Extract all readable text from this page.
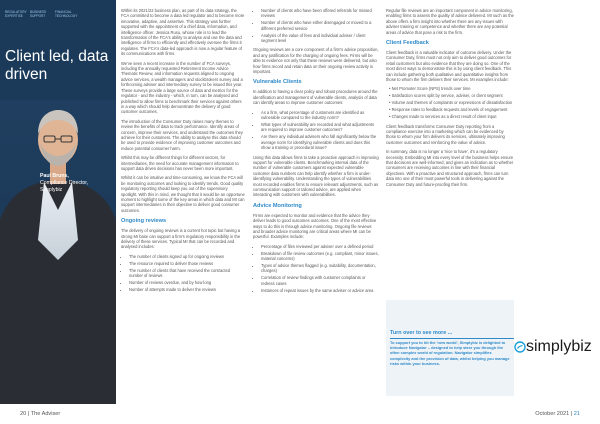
REGULATORY EXPERTISE
BUSINESS SUPPORT
FINANCIAL TECHNOLOGY
Client led, data driven
Paul Bruns,
Compliance Director,
Simplybiz

Within its 2021/22 business plan, as part of its data strategy, the FCA committed to become a data led regulator and to become more innovative, adaptive, and assertive. This strategy was further supported with the appointment of a chief data, information, and intelligence officer. Jessica Rusu, whose role is to lead the transformation of the FCA's ability to analyse and use the data and intelligence of firms to efficiently and effectively oversee the firms it regulates. The FCA's data-led approach is now a regular feature of its communications with firms.

We've seen a recent increase in the number of FCA surveys, including the annually requested Retirement Income Advice Thematic Review, and information requests aligned to ongoing advice services, a wealth managers and stockbrokers survey and a forthcoming adviser and intermediary survey to be issued this year. These surveys provide a large source of data and metrics for the regulator - and the industry - which, in turn, can be analysed and published to allow firms to benchmark their services against others in a way which should help demonstrate the delivery of good customer outcomes.

The introduction of the Consumer Duty raises many themes to review the benefits of data to track performance. Identify areas of concern, improve their services, and understand the outcomes they achieve for their customers. The ability to analyse this data should be used to provide evidence of improving customer outcomes and reduce potential consumer harm.

Whilst this may be different things for different sectors, for intermediaries, the need for accurate management information to support data driven decisions has never been more important.

Whilst it can be intuitive and time-consuming, we know the FCA will be monitoring outcomes and looking to identify trends. Good quality regulatory reporting should keep you out of the supervisory spotlight. With this in mind, we thought that it would be an opportune moment to highlight some of the key areas in which data and MI can support intermediaries in their objective to deliver good consumer outcomes.

Ongoing reviews

The delivery of ongoing reviews is a current hot topic but having a strong MI base can support a firm's regulatory responsibility in the delivery of these services. Typical MI that can be recorded and analysed includes:

• The number of clients signed up for ongoing reviews
• The resource required to deliver those reviews
• The number of clients that have received the contracted number of reviews
• Number of reviews overdue, and by how long
• Number of attempts made to deliver the reviews
• Number of clients who have been offered referrals for missed reviews
• Number of clients who have either disengaged or moved to a different preferred service
• Analysis of the value of fees and individual adviser / client segment level

Ongoing reviews are a core component of a firm's advice proposition, and any justification for the charging of ongoing fees. Firms will be able to evidence not only that these reviews were delivered, but also how firms record and retain data on their ongoing review activity is important.

Vulnerable Clients

In addition to having a clear policy and robust procedures around the identification and management of vulnerable clients, analysis of data can identify areas to improve customer outcomes:

• As a firm, what percentage of customers are identified as vulnerable compared to the industry norm?
• What types of vulnerability are recorded and what adjustments are required to improve customer outcomes?
• Are there any individual advisers who fall significantly below the average norm for identifying vulnerable clients and does this show a training or procedural issue?

Using this data allows firms to take a proactive approach in improving support for vulnerable clients. Benchmarking internal data of the number of vulnerable customers against expected vulnerable customer data numbers can help identify whether a firm is under-identifying vulnerability. Understanding the types of vulnerabilities most recorded enables firms to ensure relevant adjustments, such as communication support or tailored advice, are applied when interacting with customers with vulnerabilities.

Advice Monitoring

Firms are expected to monitor and evidence that the advice they deliver leads to good outcomes outcomes. One of the most effective ways to do this is through advice monitoring. Ongoing file reviews and broader advice monitoring are critical areas where MI can be powerful. Examples include:

• Percentage of files reviewed per adviser over a defined period
• Breakdown of file review outcomes (e.g. compliant, minor issues, material concerns)
• Types of advice themes flagged (e.g. suitability, documentation, charges)
• Correlation of review findings with customer complaints or redress cases
• Instances of repeat issues by the same adviser or advice area

Regular file reviews are an important component in advice monitoring, enabling firms to assess the quality of advice delivered. MI such as the above offers a firm insight into whether there are any issues with adviser training or competence and whether there are any potential areas of advice that pose a risk to the firm.

Client Feedback

Client feedback is a valuable indicator of outcome delivery. Under the Consumer Duty, firms must not only aim to deliver good outcomes for retail customers but also evidence that they are doing so. One of the most direct ways to demonstrate this is by using client feedback. This can include gathering both qualitative and quantitative insights from those to whom the firm delivers their services. MI examples include:

• Net Promoter Score (NPS) trends over time
• Satisfaction scores split by service, adviser, or client segment
• Volume and themes of complaints or expressions of dissatisfaction
• Response rates to feedback requests and levels of engagement
• Changes made to services as a direct result of client input

Client feedback transforms Consumer Duty reporting from a compliance exercise into a marketing which can be evidenced by those to whom your firm delivers its services, ultimately improving customer outcomes and reinforcing the value of advice.

In summary, data is no longer a 'nice to have', it's a regulatory necessity. Embedding MI into every level of the business helps ensure that decisions are well-informed, and gives an indication as to whether consumers are receiving outcomes in line with their financial objectives. With a proactive and structured approach, firms can turn data into one of their most powerful tools in delivering against the Consumer Duty and future-proofing their firm.

Turn over to see more ...
To support you to hit the 'new world', Simplybiz is delighted to introduce Navigator – designed to help steer you through the often complex world of regulation. Navigator simplifies complexity and the provision of data, whilst helping you manage risks within your business.
simplybiz
20 | The Adviser	October 2021 | 21
